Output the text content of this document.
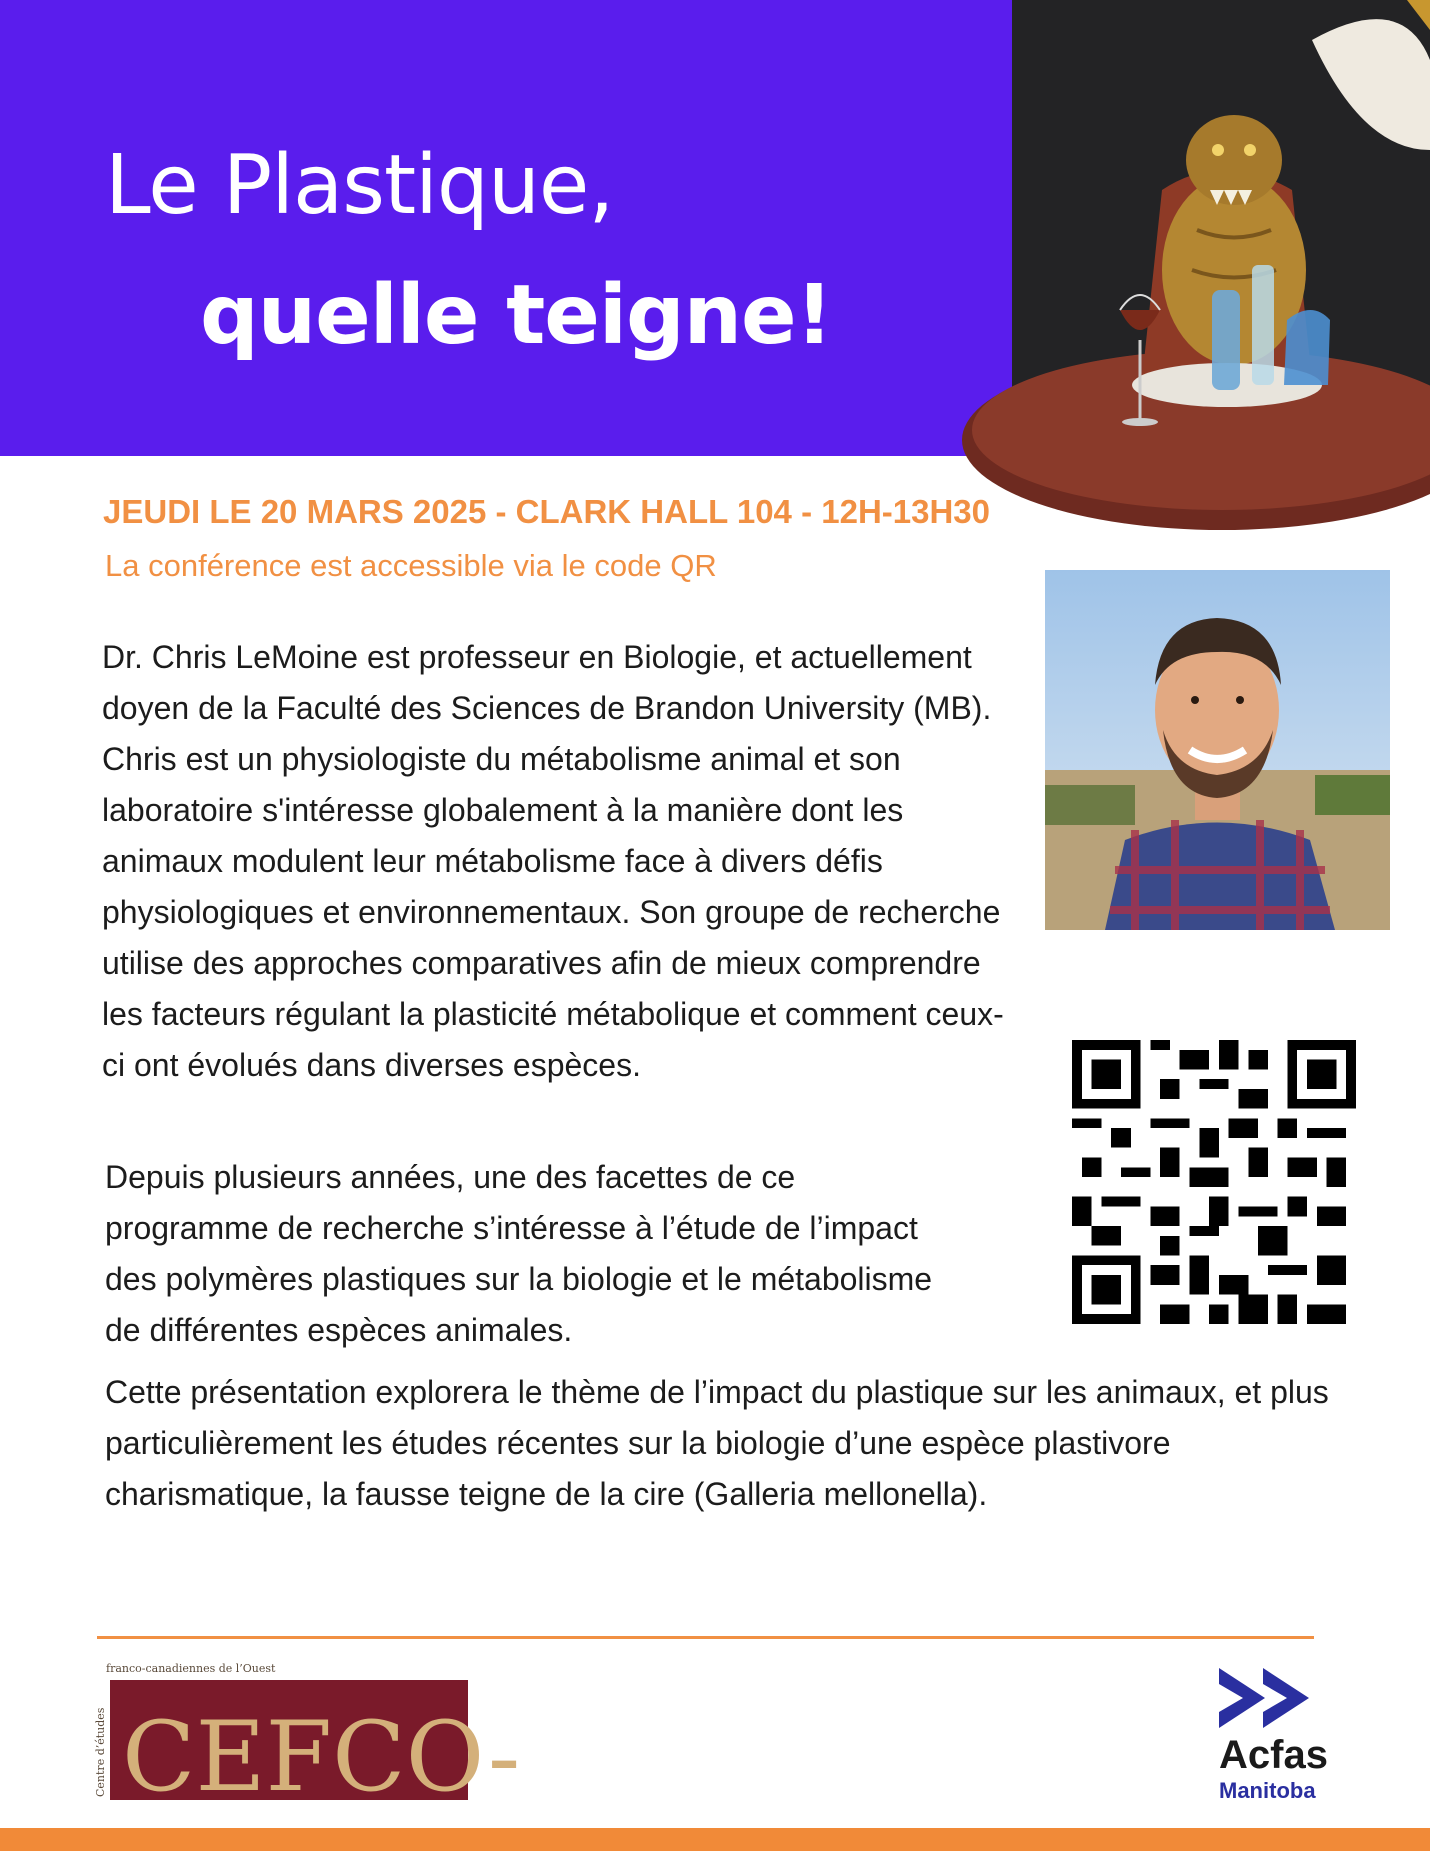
Le Plastique,
quelle teigne!
JEUDI LE 20 MARS 2025 - CLARK HALL 104 - 12H-13H30
La conférence est accessible via le code QR

Dr. Chris LeMoine est professeur en Biologie, et actuellement doyen de la Faculté des Sciences de Brandon University (MB). Chris est un physiologiste du métabolisme animal et son laboratoire s'intéresse globalement à la manière dont les animaux modulent leur métabolisme face à divers défis physiologiques et environnementaux. Son groupe de recherche utilise des approches comparatives afin de mieux comprendre les facteurs régulant la plasticité métabolique et comment ceux-ci ont évolués dans diverses espèces.

Depuis plusieurs années, une des facettes de ce programme de recherche s’intéresse à l’étude de l’impact des polymères plastiques sur la biologie et le métabolisme de différentes espèces animales.

Cette présentation explorera le thème de l’impact du plastique sur les animaux, et plus particulièrement les études récentes sur la biologie d’une espèce plastivore charismatique, la fausse teigne de la cire (Galleria mellonella).

franco-canadiennes de l’Ouest
Centre d’études CEFCO-	Acfas
Manitoba
